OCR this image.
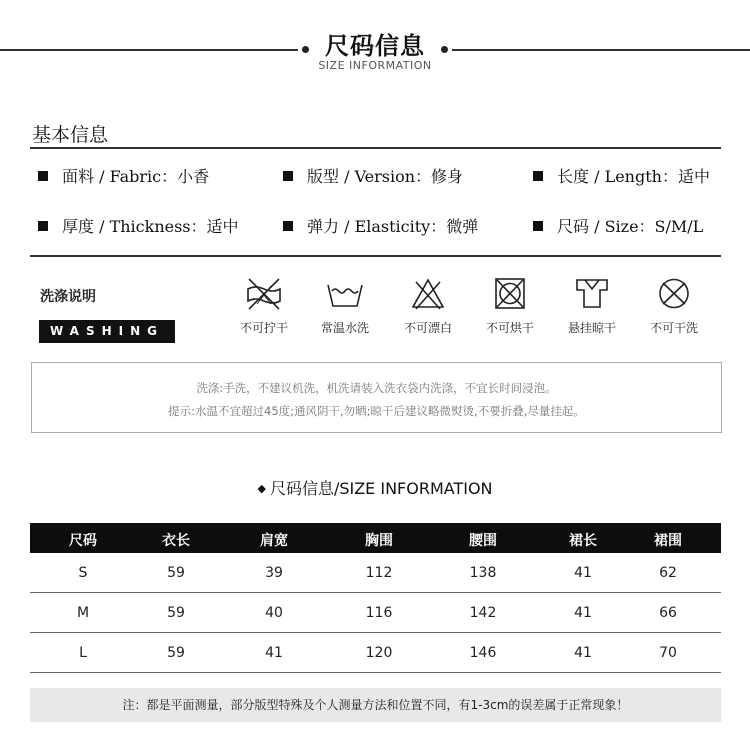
尺码信息
SIZE INFORMATION
基本信息
面料 / Fabric：小香	版型 / Version：修身	长度 / Length：适中
厚度 / Thickness：适中	弹力 / Elasticity：微弹	尺码 / Size：S/M/L
洗涤说明
WASHING	不可拧干	常温水洗	不可漂白	不可烘干	悬挂晾干	不可干洗
洗涤:手洗，不建议机洗，机洗请装入洗衣袋内洗涤，不宜长时间浸泡。
提示:水温不宜超过45度;通风阴干,勿晒;晾干后建议略微熨烫,不要折叠,尽量挂起。
◆ 尺码信息/SIZE INFORMATION
尺码	衣长	肩宽	胸围	腰围	裙长	裙围
S	59	39	112	138	41	62
M	59	40	116	142	41	66
L	59	41	120	146	41	70
注：都是平面测量，部分版型特殊及个人测量方法和位置不同，有1-3cm的误差属于正常现象！
